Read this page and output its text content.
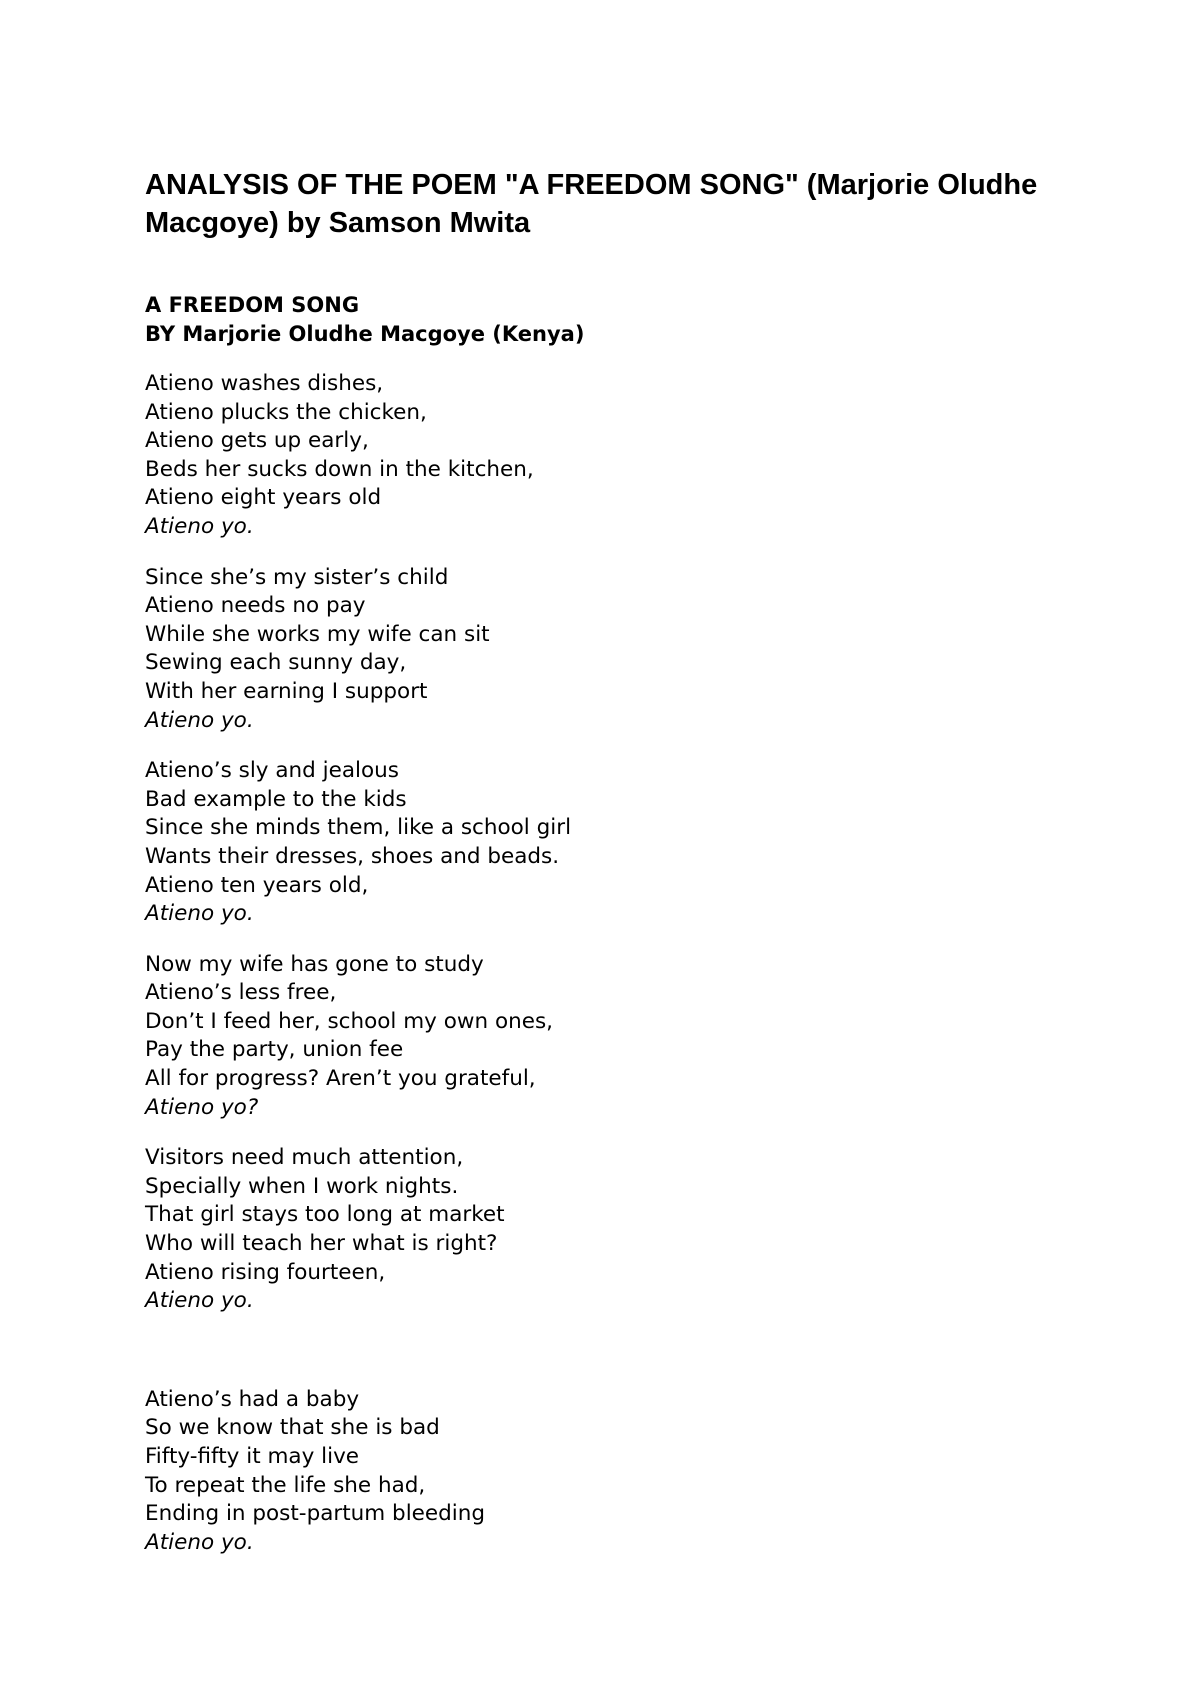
ANALYSIS OF THE POEM "A FREEDOM SONG" (Marjorie Oludhe Macgoye) by Samson Mwita
A FREEDOM SONG
BY Marjorie Oludhe Macgoye (Kenya)
Atieno washes dishes,
Atieno plucks the chicken,
Atieno gets up early,
Beds her sucks down in the kitchen,
Atieno eight years old
Atieno yo.
Since she’s my sister’s child
Atieno needs no pay
While she works my wife can sit
Sewing each sunny day,
With her earning I support
Atieno yo.
Atieno’s sly and jealous
Bad example to the kids
Since she minds them, like a school girl
Wants their dresses, shoes and beads.
Atieno ten years old,
Atieno yo.
Now my wife has gone to study
Atieno’s less free,
Don’t I feed her, school my own ones,
Pay the party, union fee
All for progress? Aren’t you grateful,
Atieno yo?
Visitors need much attention,
Specially when I work nights.
That girl stays too long at market
Who will teach her what is right?
Atieno rising fourteen,
Atieno yo.
Atieno’s had a baby
So we know that she is bad
Fifty-fifty it may live
To repeat the life she had,
Ending in post-partum bleeding
Atieno yo.
